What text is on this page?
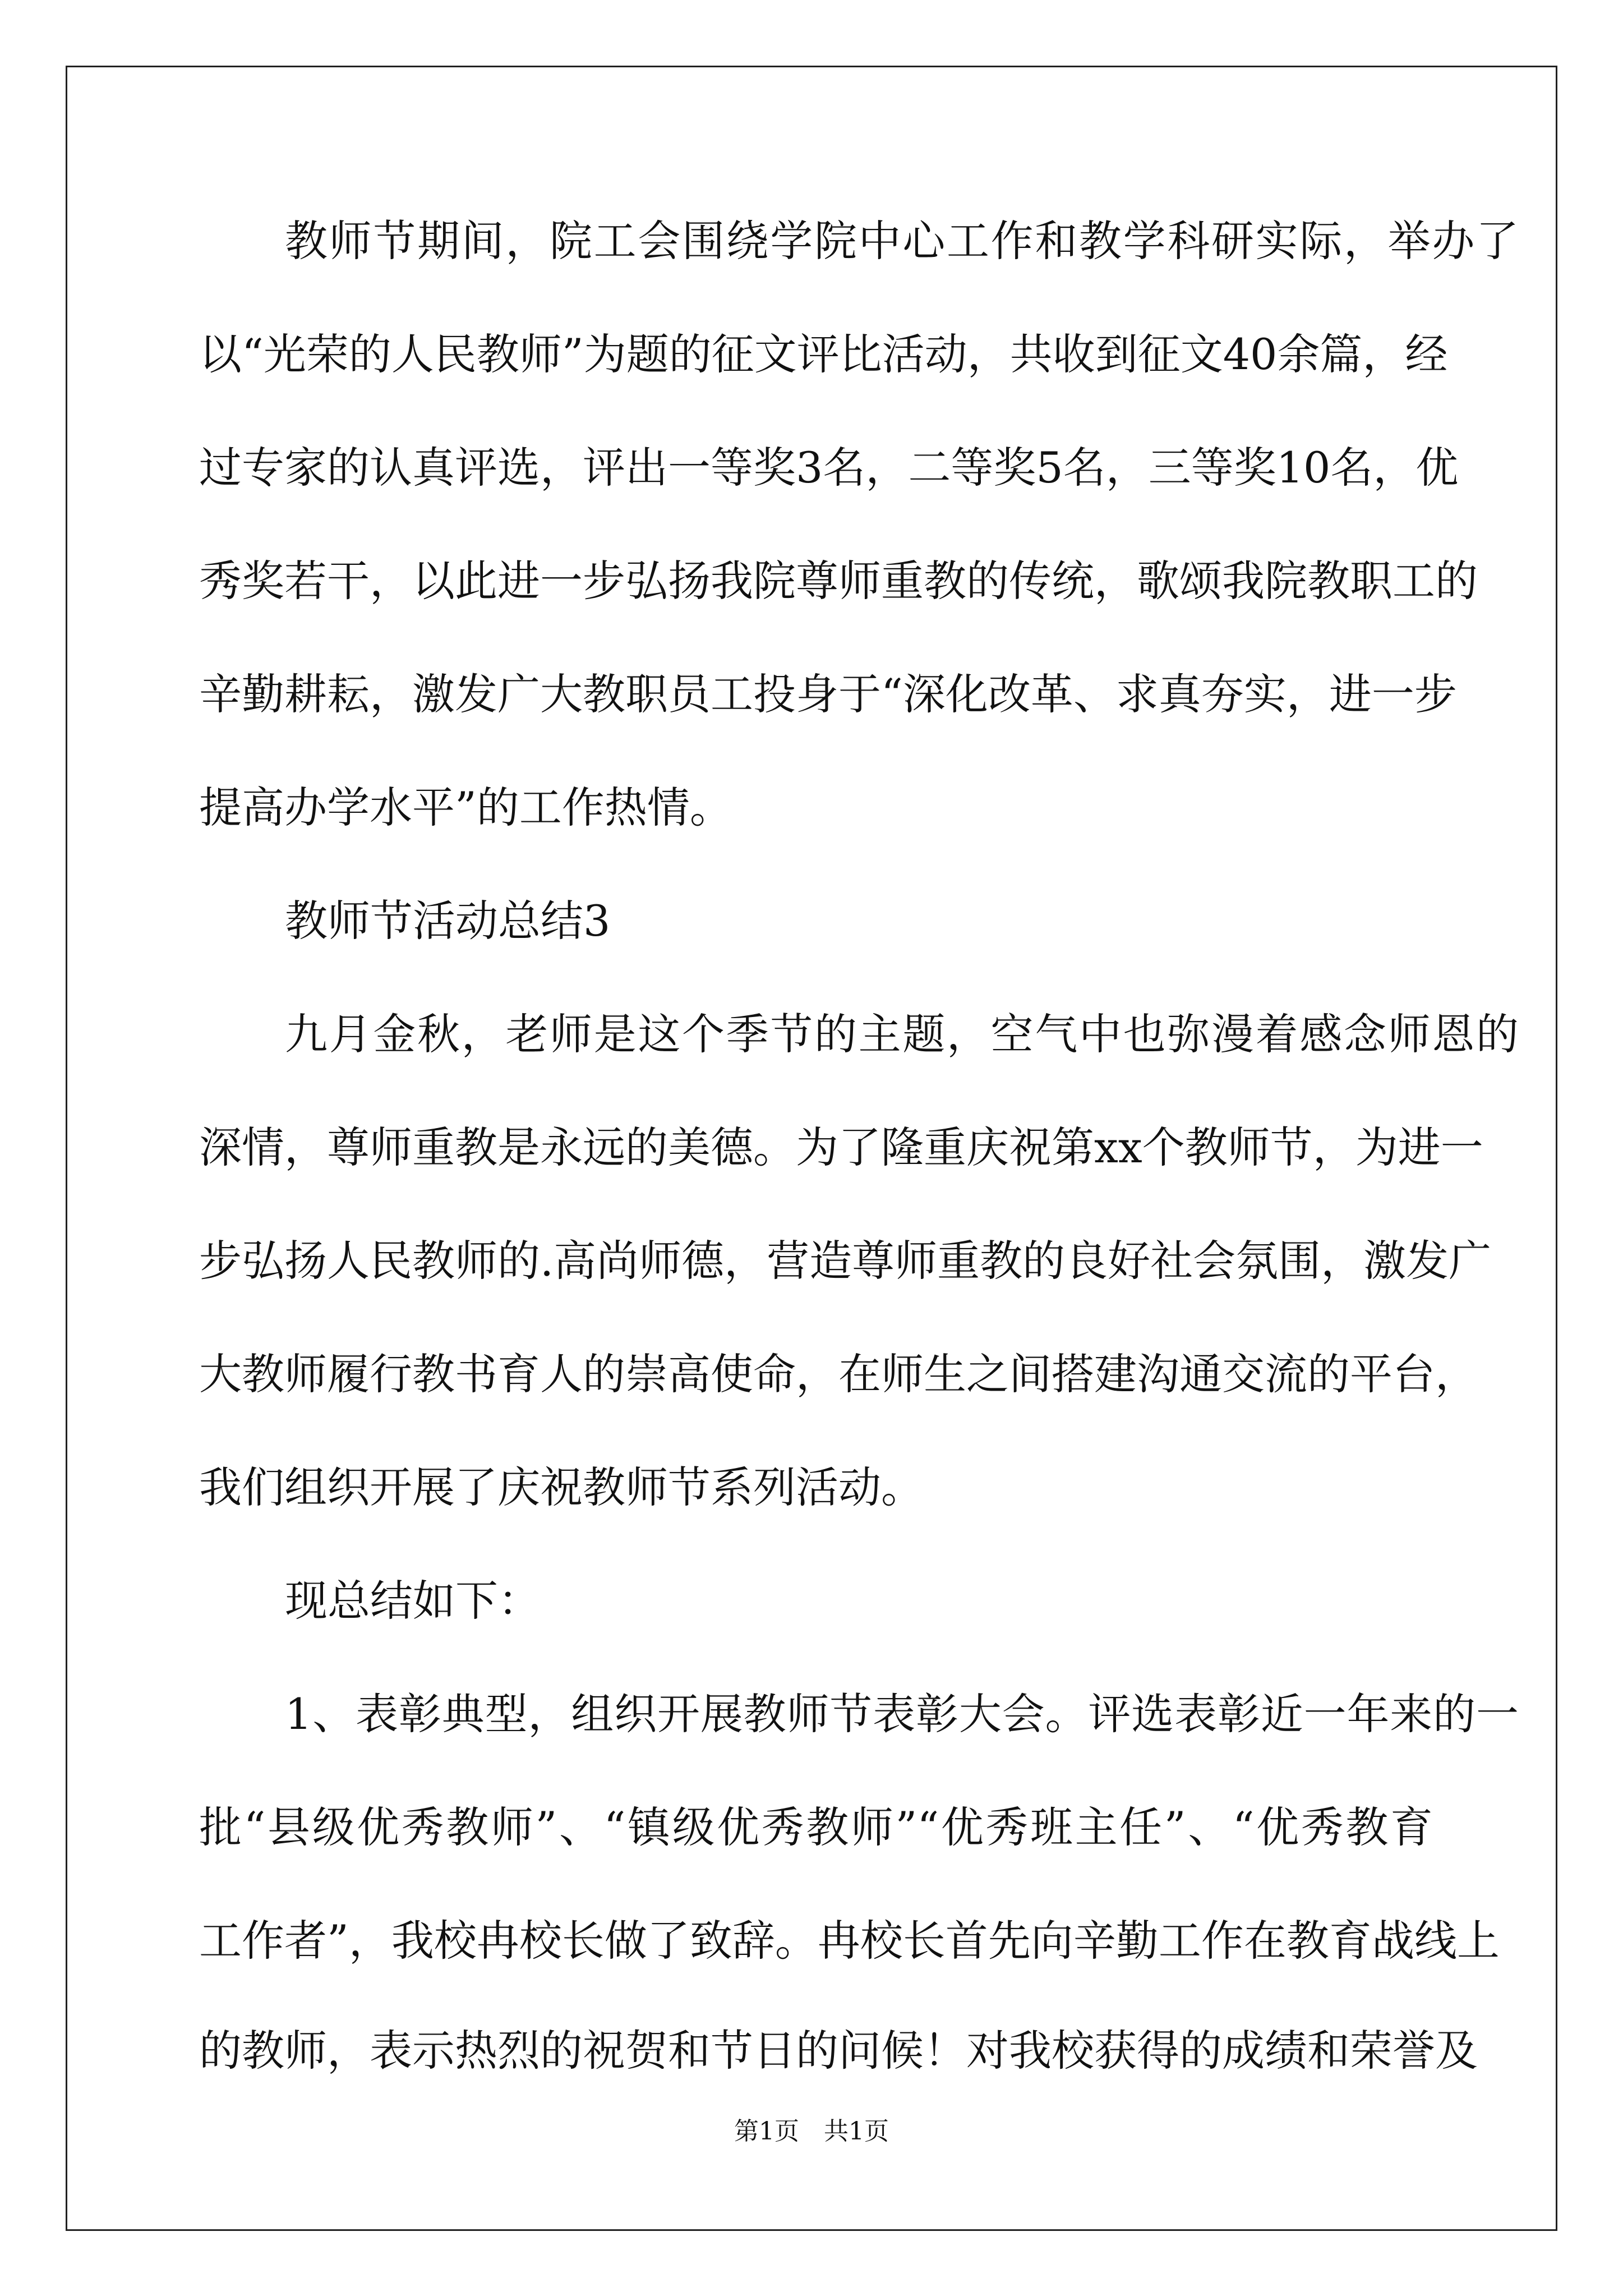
教师节期间，院工会围绕学院中心工作和教学科研实际，举办了
以“光荣的人民教师”为题的征文评比活动，共收到征文40余篇，经
过专家的认真评选，评出一等奖3名，二等奖5名，三等奖10名，优
秀奖若干，以此进一步弘扬我院尊师重教的传统，歌颂我院教职工的
辛勤耕耘，激发广大教职员工投身于“深化改革、求真夯实，进一步
提高办学水平”的工作热情。
教师节活动总结3
九月金秋，老师是这个季节的主题，空气中也弥漫着感念师恩的
深情，尊师重教是永远的美德。为了隆重庆祝第xx个教师节，为进一
步弘扬人民教师的.高尚师德，营造尊师重教的良好社会氛围，激发广
大教师履行教书育人的崇高使命，在师生之间搭建沟通交流的平台，
我们组织开展了庆祝教师节系列活动。
现总结如下：
1、表彰典型，组织开展教师节表彰大会。评选表彰近一年来的一
批“县级优秀教师”、“镇级优秀教师”“优秀班主任”、“优秀教育
工作者”，我校冉校长做了致辞。冉校长首先向辛勤工作在教育战线上
的教师，表示热烈的祝贺和节日的问候！对我校获得的成绩和荣誉及
第1页　共1页
